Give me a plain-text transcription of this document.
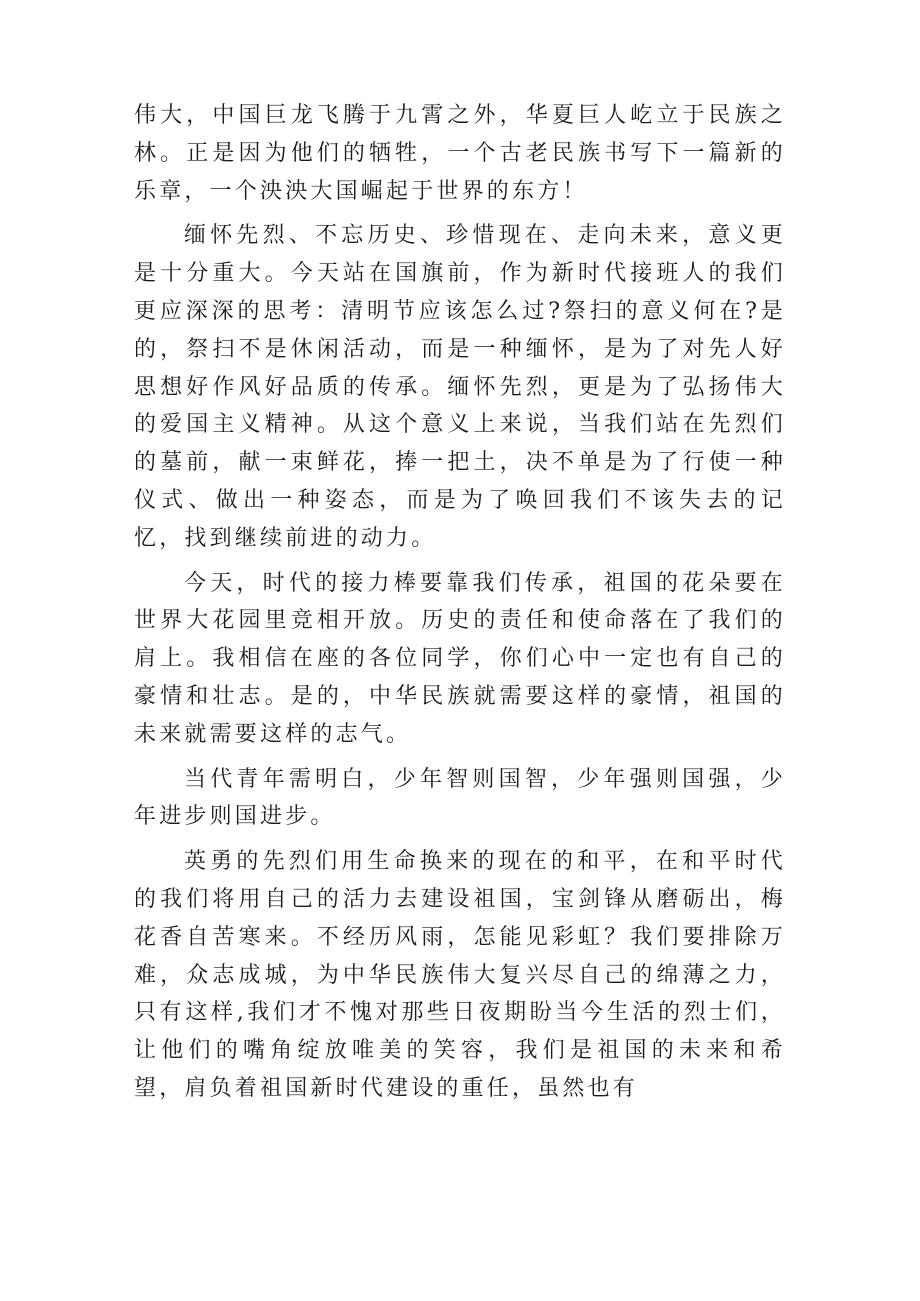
伟大，中国巨龙飞腾于九霄之外，华夏巨人屹立于民族之林。正是因为他们的牺牲，一个古老民族书写下一篇新的乐章，一个泱泱大国崛起于世界的东方！

缅怀先烈、不忘历史、珍惜现在、走向未来，意义更是十分重大。今天站在国旗前，作为新时代接班人的我们更应深深的思考：清明节应该怎么过?祭扫的意义何在?是的，祭扫不是休闲活动，而是一种缅怀，是为了对先人好思想好作风好品质的传承。缅怀先烈，更是为了弘扬伟大的爱国主义精神。从这个意义上来说，当我们站在先烈们的墓前，献一束鲜花，捧一把土，决不单是为了行使一种仪式、做出一种姿态，而是为了唤回我们不该失去的记忆，找到继续前进的动力。

今天，时代的接力棒要靠我们传承，祖国的花朵要在世界大花园里竞相开放。历史的责任和使命落在了我们的肩上。我相信在座的各位同学，你们心中一定也有自己的豪情和壮志。是的，中华民族就需要这样的豪情，祖国的未来就需要这样的志气。

当代青年需明白，少年智则国智，少年强则国强，少年进步则国进步。

英勇的先烈们用生命换来的现在的和平，在和平时代的我们将用自己的活力去建设祖国，宝剑锋从磨砺出，梅花香自苦寒来。不经历风雨，怎能见彩虹？我们要排除万难，众志成城，为中华民族伟大复兴尽自己的绵薄之力，只有这样,我们才不愧对那些日夜期盼当今生活的烈士们，让他们的嘴角绽放唯美的笑容，我们是祖国的未来和希望，肩负着祖国新时代建设的重任，虽然也有
